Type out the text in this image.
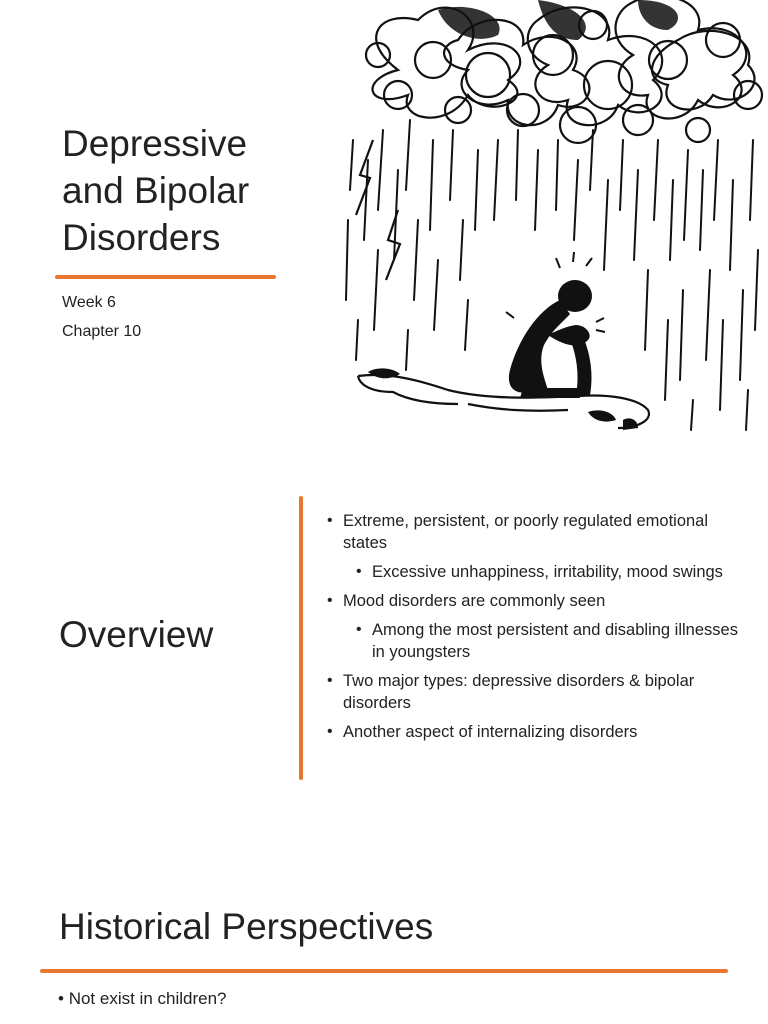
Depressive
and Bipolar
Disorders
Week 6
Chapter 10
Overview
• Extreme, persistent, or poorly regulated emotional states
• Excessive unhappiness, irritability, mood swings
• Mood disorders are commonly seen
• Among the most persistent and disabling illnesses in youngsters
• Two major types: depressive disorders & bipolar disorders
• Another aspect of internalizing disorders
Historical Perspectives
• Not exist in children?
